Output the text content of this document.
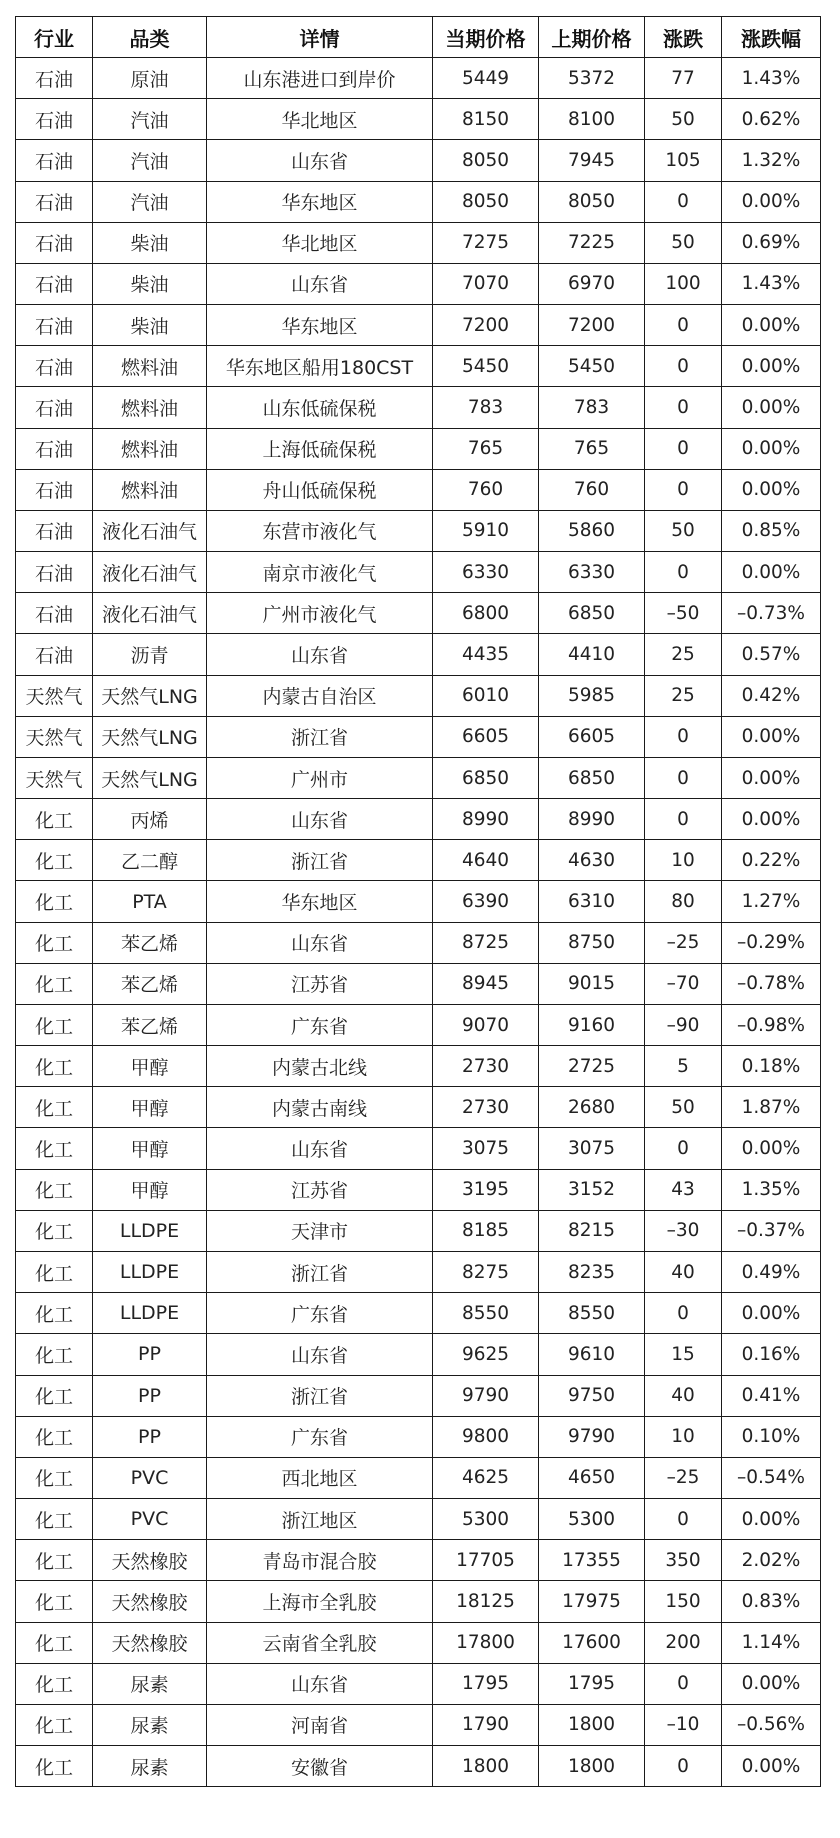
行业	品类	详情	当期价格	上期价格	涨跌	涨跌幅
石油	原油	山东港进口到岸价	5449	5372	77	1.43%
石油	汽油	华北地区	8150	8100	50	0.62%
石油	汽油	山东省	8050	7945	105	1.32%
石油	汽油	华东地区	8050	8050	0	0.00%
石油	柴油	华北地区	7275	7225	50	0.69%
石油	柴油	山东省	7070	6970	100	1.43%
石油	柴油	华东地区	7200	7200	0	0.00%
石油	燃料油	华东地区船用180CST	5450	5450	0	0.00%
石油	燃料油	山东低硫保税	783	783	0	0.00%
石油	燃料油	上海低硫保税	765	765	0	0.00%
石油	燃料油	舟山低硫保税	760	760	0	0.00%
石油	液化石油气	东营市液化气	5910	5860	50	0.85%
石油	液化石油气	南京市液化气	6330	6330	0	0.00%
石油	液化石油气	广州市液化气	6800	6850	–50	–0.73%
石油	沥青	山东省	4435	4410	25	0.57%
天然气	天然气LNG	内蒙古自治区	6010	5985	25	0.42%
天然气	天然气LNG	浙江省	6605	6605	0	0.00%
天然气	天然气LNG	广州市	6850	6850	0	0.00%
化工	丙烯	山东省	8990	8990	0	0.00%
化工	乙二醇	浙江省	4640	4630	10	0.22%
化工	PTA	华东地区	6390	6310	80	1.27%
化工	苯乙烯	山东省	8725	8750	–25	–0.29%
化工	苯乙烯	江苏省	8945	9015	–70	–0.78%
化工	苯乙烯	广东省	9070	9160	–90	–0.98%
化工	甲醇	内蒙古北线	2730	2725	5	0.18%
化工	甲醇	内蒙古南线	2730	2680	50	1.87%
化工	甲醇	山东省	3075	3075	0	0.00%
化工	甲醇	江苏省	3195	3152	43	1.35%
化工	LLDPE	天津市	8185	8215	–30	–0.37%
化工	LLDPE	浙江省	8275	8235	40	0.49%
化工	LLDPE	广东省	8550	8550	0	0.00%
化工	PP	山东省	9625	9610	15	0.16%
化工	PP	浙江省	9790	9750	40	0.41%
化工	PP	广东省	9800	9790	10	0.10%
化工	PVC	西北地区	4625	4650	–25	–0.54%
化工	PVC	浙江地区	5300	5300	0	0.00%
化工	天然橡胶	青岛市混合胶	17705	17355	350	2.02%
化工	天然橡胶	上海市全乳胶	18125	17975	150	0.83%
化工	天然橡胶	云南省全乳胶	17800	17600	200	1.14%
化工	尿素	山东省	1795	1795	0	0.00%
化工	尿素	河南省	1790	1800	–10	–0.56%
化工	尿素	安徽省	1800	1800	0	0.00%
